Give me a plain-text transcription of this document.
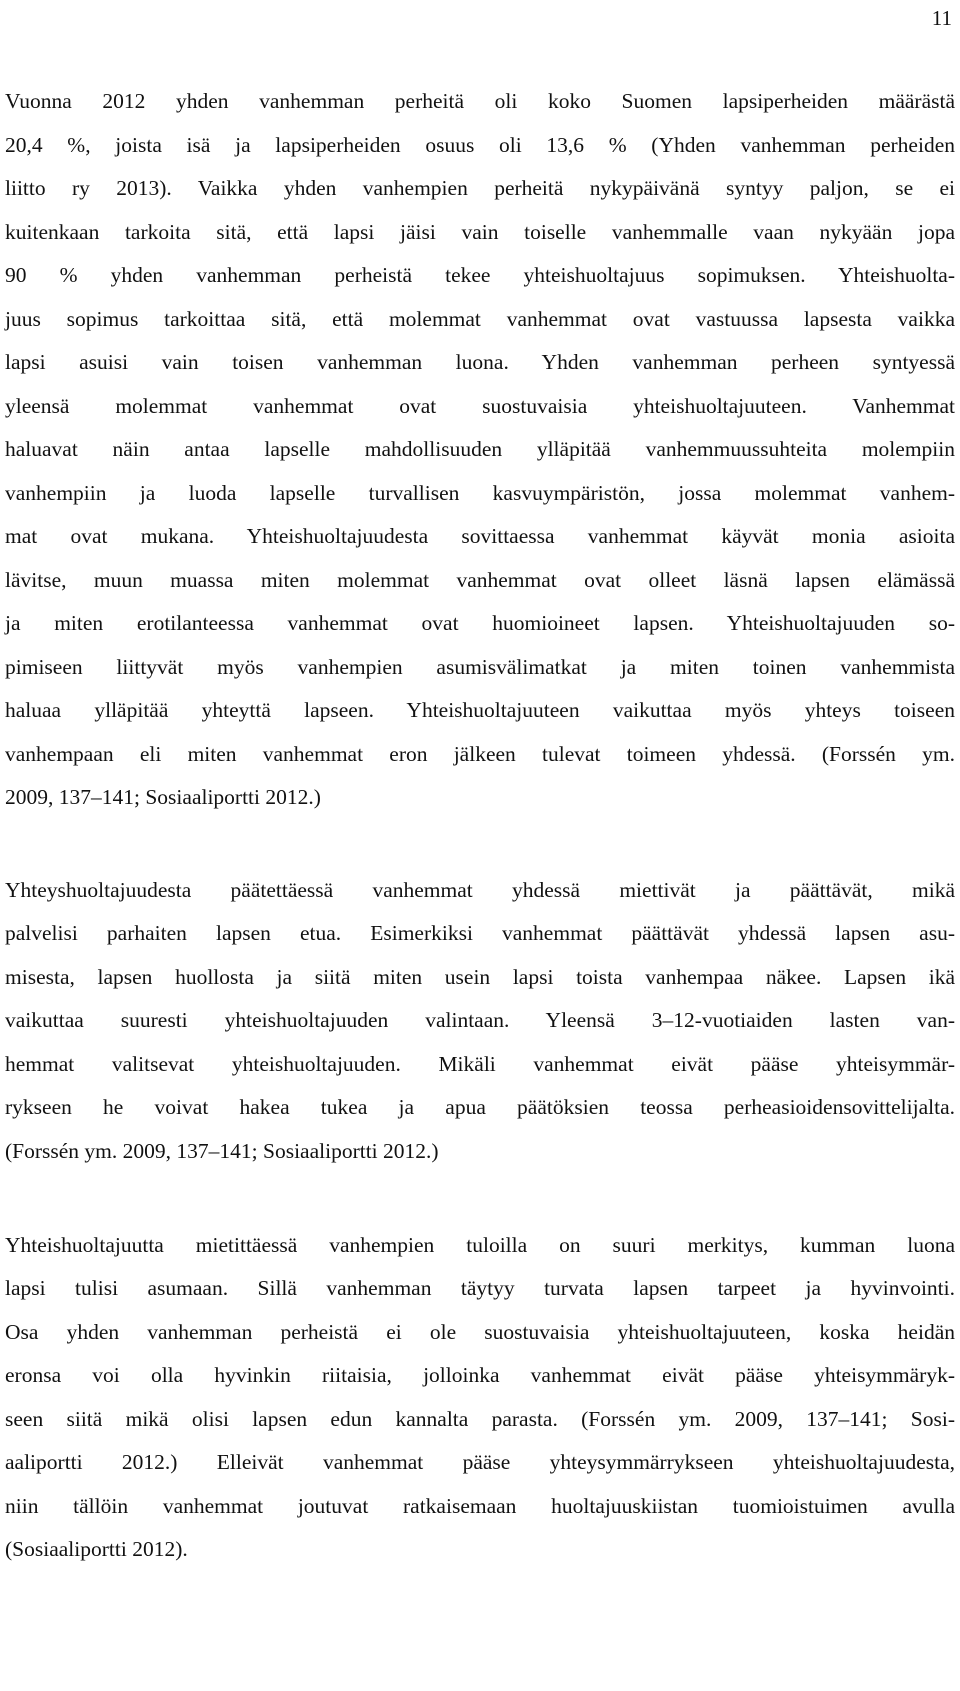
11
Vuonna 2012 yhden vanhemman perheitä oli koko Suomen lapsiperheiden määrästä
20,4 %, joista isä ja lapsiperheiden osuus oli 13,6 % (Yhden vanhemman perheiden
liitto ry 2013). Vaikka yhden vanhempien perheitä nykypäivänä syntyy paljon, se ei
kuitenkaan tarkoita sitä, että lapsi jäisi vain toiselle vanhemmalle vaan nykyään jopa
90 % yhden vanhemman perheistä tekee yhteishuoltajuus sopimuksen. Yhteishuolta-
juus sopimus tarkoittaa sitä, että molemmat vanhemmat ovat vastuussa lapsesta vaikka
lapsi asuisi vain toisen vanhemman luona. Yhden vanhemman perheen syntyessä
yleensä molemmat vanhemmat ovat suostuvaisia yhteishuoltajuuteen. Vanhemmat
haluavat näin antaa lapselle mahdollisuuden ylläpitää vanhemmuussuhteita molempiin
vanhempiin ja luoda lapselle turvallisen kasvuympäristön, jossa molemmat vanhem-
mat ovat mukana. Yhteishuoltajuudesta sovittaessa vanhemmat käyvät monia asioita
lävitse, muun muassa miten molemmat vanhemmat ovat olleet läsnä lapsen elämässä
ja miten erotilanteessa vanhemmat ovat huomioineet lapsen. Yhteishuoltajuuden so-
pimiseen liittyvät myös vanhempien asumisvälimatkat ja miten toinen vanhemmista
haluaa ylläpitää yhteyttä lapseen. Yhteishuoltajuuteen vaikuttaa myös yhteys toiseen
vanhempaan eli miten vanhemmat eron jälkeen tulevat toimeen yhdessä. (Forssén ym.
2009, 137–141; Sosiaaliportti 2012.)
Yhteyshuoltajuudesta päätettäessä vanhemmat yhdessä miettivät ja päättävät, mikä
palvelisi parhaiten lapsen etua. Esimerkiksi vanhemmat päättävät yhdessä lapsen asu-
misesta, lapsen huollosta ja siitä miten usein lapsi toista vanhempaa näkee. Lapsen ikä
vaikuttaa suuresti yhteishuoltajuuden valintaan. Yleensä 3–12-vuotiaiden lasten van-
hemmat valitsevat yhteishuoltajuuden. Mikäli vanhemmat eivät pääse yhteisymmär-
rykseen he voivat hakea tukea ja apua päätöksien teossa perheasioidensovittelijalta.
(Forssén ym. 2009, 137–141; Sosiaaliportti 2012.)
Yhteishuoltajuutta mietittäessä vanhempien tuloilla on suuri merkitys, kumman luona
lapsi tulisi asumaan. Sillä vanhemman täytyy turvata lapsen tarpeet ja hyvinvointi.
Osa yhden vanhemman perheistä ei ole suostuvaisia yhteishuoltajuuteen, koska heidän
eronsa voi olla hyvinkin riitaisia, jolloinka vanhemmat eivät pääse yhteisymmäryk-
seen siitä mikä olisi lapsen edun kannalta parasta. (Forssén ym. 2009, 137–141; Sosi-
aaliportti 2012.) Elleivät vanhemmat pääse yhteysymmärrykseen yhteishuoltajuudesta,
niin tällöin vanhemmat joutuvat ratkaisemaan huoltajuuskiistan tuomioistuimen avulla
(Sosiaaliportti 2012).
